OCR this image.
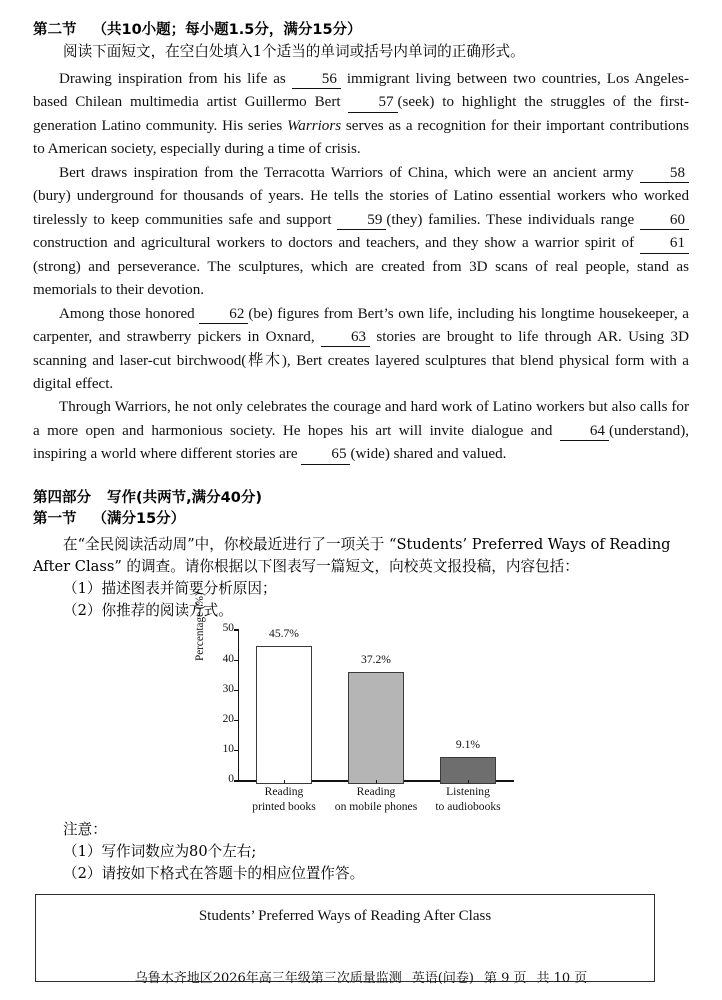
第二节 （共10小题；每小题1.5分，满分15分）
阅读下面短文，在空白处填入1个适当的单词或括号内单词的正确形式。
Drawing inspiration from his life as 56 immigrant living between two countries, Los Angeles-based Chilean multimedia artist Guillermo Bert 57 (seek) to highlight the struggles of the first-generation Latino community. His series Warriors serves as a recognition for their important contributions to American society, especially during a time of crisis.
Bert draws inspiration from the Terracotta Warriors of China, which were an ancient army 58(bury) underground for thousands of years. He tells the stories of Latino essential workers who worked tirelessly to keep communities safe and support 59 (they) families. These individuals range 60 construction and agricultural workers to doctors and teachers, and they show a warrior spirit of 61(strong) and perseverance. The sculptures, which are created from 3D scans of real people, stand as memorials to their devotion.
Among those honored 62 (be) figures from Bert’s own life, including his longtime housekeeper, a carpenter, and strawberry pickers in Oxnard, 63 stories are brought to life through AR. Using 3D scanning and laser-cut birchwood(桦木), Bert creates layered sculptures that blend physical form with a digital effect.
Through Warriors, he not only celebrates the courage and hard work of Latino workers but also calls for a more open and harmonious society. He hopes his art will invite dialogue and 64 (understand), inspiring a world where different stories are 65 (wide) shared and valued.
第四部分 写作(共两节,满分40分)
第一节 （满分15分）
在“全民阅读活动周”中，你校最近进行了一项关于 “Students’ Preferred Ways of Reading
After Class” 的调查。请你根据以下图表写一篇短文，向校英文报投稿，内容包括：
（1）描述图表并简要分析原因；
（2）你推荐的阅读方式。
Percentage (%)
0
10
20
30
40
50	45.7%
Reading
printed books
37.2%
Reading
on mobile phones
9.1%
Listening
to audiobooks
注意：
（1）写作词数应为80个左右;
（2）请按如下格式在答题卡的相应位置作答。
Students’ Preferred Ways of Reading After Class
乌鲁木齐地区2026年高三年级第三次质量监测 英语(问卷) 第 9 页 共 10 页
